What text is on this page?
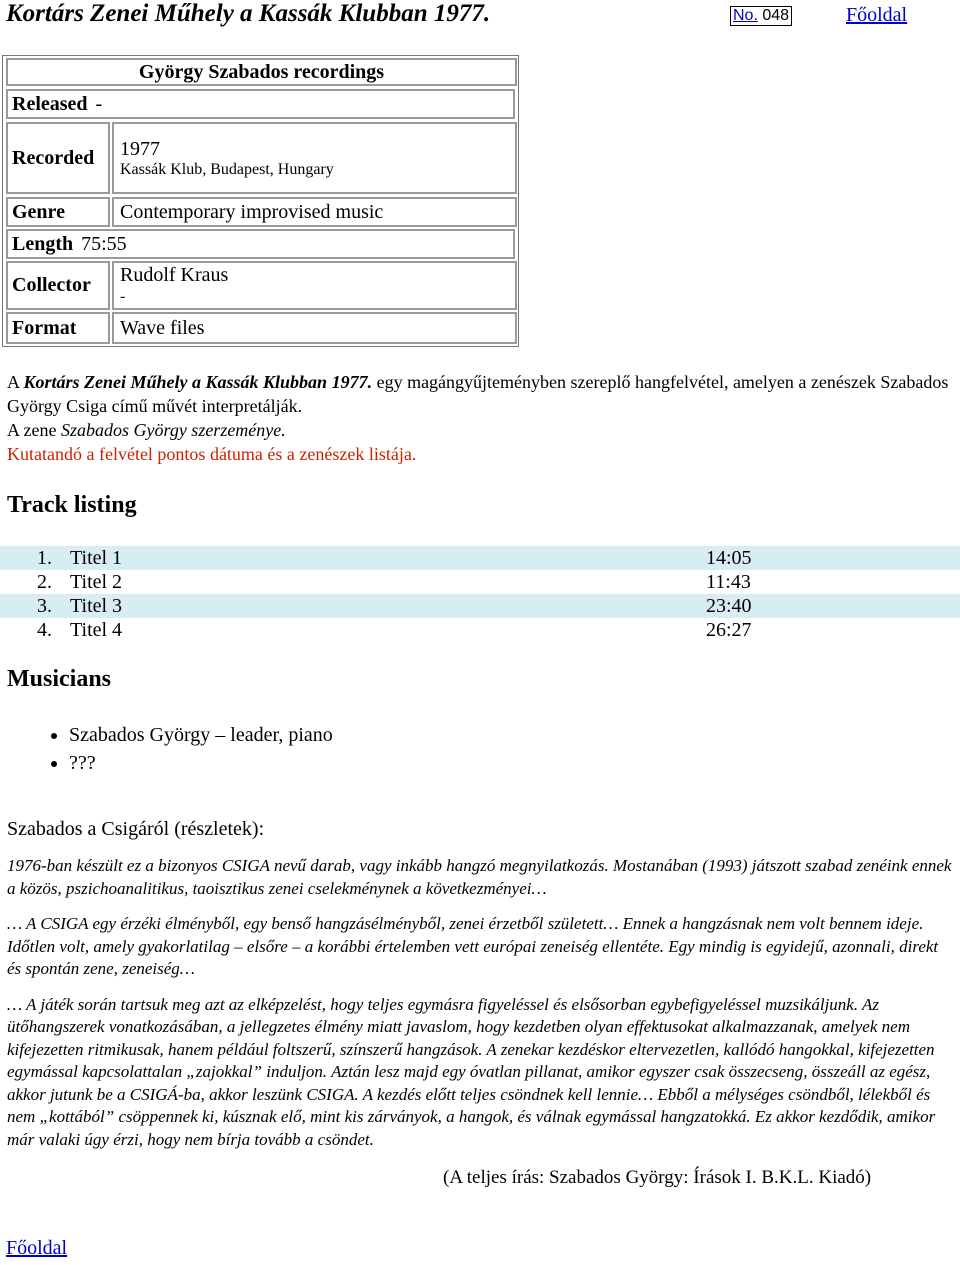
Kortárs Zenei Műhely a Kassák Klubban 1977.	No. 048	Főoldal
György Szabados recordings
Released -
Recorded	1977
Kassák Klub, Budapest, Hungary
Genre	Contemporary improvised music
Length 75:55
Collector	Rudolf Kraus
-
Format	Wave files
A Kortárs Zenei Műhely a Kassák Klubban 1977. egy magángyűjteményben szereplő hangfelvétel, amelyen a zenészek Szabados György Csiga című művét interpretálják.
A zene Szabados György szerzeménye.
Kutatandó a felvétel pontos dátuma és a zenészek listája.
Track listing
1. Titel 1	14:05
2. Titel 2	11:43
3. Titel 3	23:40
4. Titel 4	26:27
Musicians
• Szabados György – leader, piano
• ???
Szabados a Csigáról (részletek):

1976-ban készült ez a bizonyos CSIGA nevű darab, vagy inkább hangzó megnyilatkozás. Mostanában (1993) játszott szabad zenéink ennek a közös, pszichoanalitikus, taoisztikus zenei cselekménynek a következményei…

… A CSIGA egy érzéki élményből, egy benső hangzásélményből, zenei érzetből született… Ennek a hangzásnak nem volt bennem ideje. Időtlen volt, amely gyakorlatilag – elsőre – a korábbi értelemben vett európai zeneiség ellentéte. Egy mindig is egyidejű, azonnali, direkt és spontán zene, zeneiség…

… A játék során tartsuk meg azt az elképzelést, hogy teljes egymásra figyeléssel és elsősorban egybefigyeléssel muzsikáljunk. Az ütőhangszerek vonatkozásában, a jellegzetes élmény miatt javaslom, hogy kezdetben olyan effektusokat alkalmazzanak, amelyek nem kifejezetten ritmikusak, hanem például foltszerű, színszerű hangzások. A zenekar kezdéskor eltervezetlen, kallódó hangokkal, kifejezetten egymással kapcsolattalan „zajokkal” induljon. Aztán lesz majd egy óvatlan pillanat, amikor egyszer csak összecseng, összeáll az egész, akkor jutunk be a CSIGÁ-ba, akkor leszünk CSIGA. A kezdés előtt teljes csöndnek kell lennie… Ebből a mélységes csöndből, lélekből és nem „kottából” csöppennek ki, kúsznak elő, mint kis zárványok, a hangok, és válnak egymással hangzatokká. Ez akkor kezdődik, amikor már valaki úgy érzi, hogy nem bírja tovább a csöndet.

(A teljes írás: Szabados György: Írások I. B.K.L. Kiadó)
Főoldal
